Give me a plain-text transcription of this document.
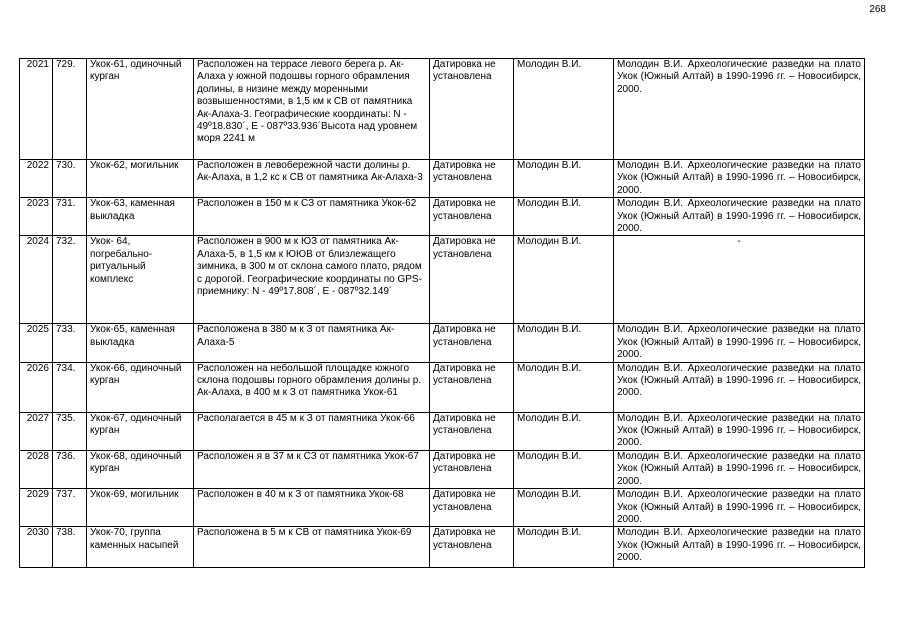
268
2021	729.	Укок-61, одиночный курган	Расположен на террасе левого берега р. Ак-Алаха у южной подошвы горного обрамления долины, в низине между моренными возвышенностями, в 1,5 км к СВ от памятника Ак-Алаха-3. Географические координаты: N - 49º18.830´, E - 087º33.936´Высота над уровнем моря 2241 м	Датировка не установлена	Молодин В.И.	Молодин В.И. Археологические разведки на плато Укок (Южный Алтай) в 1990-1996 гг. – Новосибирск, 2000.
2022	730.	Укок-62, могильник	Расположен в левобережной части долины р. Ак-Алаха, в 1,2 кс к СВ от памятника Ак-Алаха-3	Датировка не установлена	Молодин В.И.	Молодин В.И. Археологические разведки на плато Укок (Южный Алтай) в 1990-1996 гг. – Новосибирск, 2000.
2023	731.	Укок-63, каменная выкладка	Расположен в 150 м к СЗ от памятника Укок-62	Датировка не установлена	Молодин В.И.	Молодин В.И. Археологические разведки на плато Укок (Южный Алтай) в 1990-1996 гг. – Новосибирск, 2000.
2024	732.	Укок- 64, погребально-ритуальный комплекс	Расположен в 900 м к ЮЗ от памятника Ак-Алаха-5, в 1,5 км к ЮЮВ от близлежащего зимника, в 300 м от склона самого плато, рядом с дорогой. Географические координаты по GPS-приемнику: N - 49º17.808´, E - 087º32.149´	Датировка не установлена	Молодин В.И.	-

2025	733.	Укок-65, каменная выкладка	Расположена в 380 м к З от памятника Ак-Алаха-5	Датировка не установлена	Молодин В.И.	Молодин В.И. Археологические разведки на плато Укок (Южный Алтай) в 1990-1996 гг. – Новосибирск, 2000.
2026	734.	Укок-66, одиночный курган	Расположен на небольшой площадке южного склона подошвы горного обрамления долины р. Ак-Алаха, в 400 м к З от памятника Укок-61	Датировка не установлена	Молодин В.И.	Молодин В.И. Археологические разведки на плато Укок (Южный Алтай) в 1990-1996 гг. – Новосибирск, 2000.
2027	735.	Укок-67, одиночный курган	Располагается в 45 м к З от памятника Укок-66	Датировка не установлена	Молодин В.И.	Молодин В.И. Археологические разведки на плато Укок (Южный Алтай) в 1990-1996 гг. – Новосибирск, 2000.
2028	736.	Укок-68, одиночный курган	Расположен я в 37 м к СЗ от памятника Укок-67	Датировка не установлена	Молодин В.И.	Молодин В.И. Археологические разведки на плато Укок (Южный Алтай) в 1990-1996 гг. – Новосибирск, 2000.
2029	737.	Укок-69, могильник	Расположен в 40 м к З от памятника Укок-68	Датировка не установлена	Молодин В.И.	Молодин В.И. Археологические разведки на плато Укок (Южный Алтай) в 1990-1996 гг. – Новосибирск, 2000.
2030	738.	Укок-70, группа каменных насыпей	Расположена в 5 м к СВ от памятника Укок-69	Датировка не установлена	Молодин В.И.	Молодин В.И. Археологические разведки на плато Укок (Южный Алтай) в 1990-1996 гг. – Новосибирск, 2000.
